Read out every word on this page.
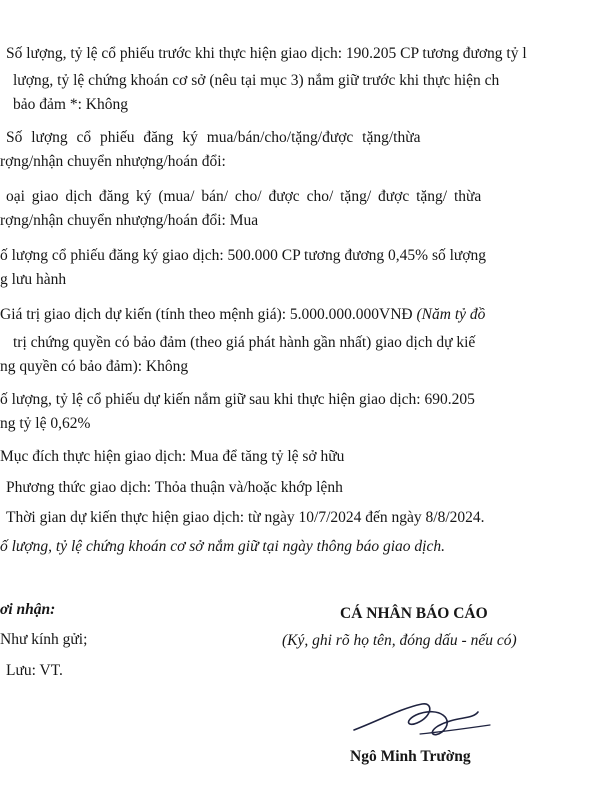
Số lượng, tỷ lệ cổ phiếu trước khi thực hiện giao dịch: 190.205 CP tương đương tỷ l
lượng, tỷ lệ chứng khoán cơ sở (nêu tại mục 3) nắm giữ trước khi thực hiện ch
bảo đảm *: Không
Số lượng cổ phiếu đăng ký mua/bán/cho/tặng/được tặng/thừa
rợng/nhận chuyển nhượng/hoán đổi:
oại giao dịch đăng ký (mua/ bán/ cho/ được cho/ tặng/ được tặng/ thừa
rợng/nhận chuyển nhượng/hoán đổi: Mua
ố lượng cổ phiếu đăng ký giao dịch: 500.000 CP tương đương 0,45% số lượng
g lưu hành
Giá trị giao dịch dự kiến (tính theo mệnh giá): 5.000.000.000VNĐ (Năm tỷ đồ
trị chứng quyền có bảo đảm (theo giá phát hành gần nhất) giao dịch dự kiế
ng quyền có bảo đảm): Không
ố lượng, tỷ lệ cổ phiếu dự kiến nắm giữ sau khi thực hiện giao dịch: 690.205
ng tỷ lệ 0,62%
Mục đích thực hiện giao dịch: Mua để tăng tỷ lệ sở hữu
Phương thức giao dịch: Thỏa thuận và/hoặc khớp lệnh
Thời gian dự kiến thực hiện giao dịch: từ ngày 10/7/2024 đến ngày 8/8/2024.
ố lượng, tỷ lệ chứng khoán cơ sở nắm giữ tại ngày thông báo giao dịch.
ơi nhận:
Như kính gửi;
Lưu: VT.
CÁ NHÂN BÁO CÁO
(Ký, ghi rõ họ tên, đóng dấu - nếu có)
Ngô Minh Trường
